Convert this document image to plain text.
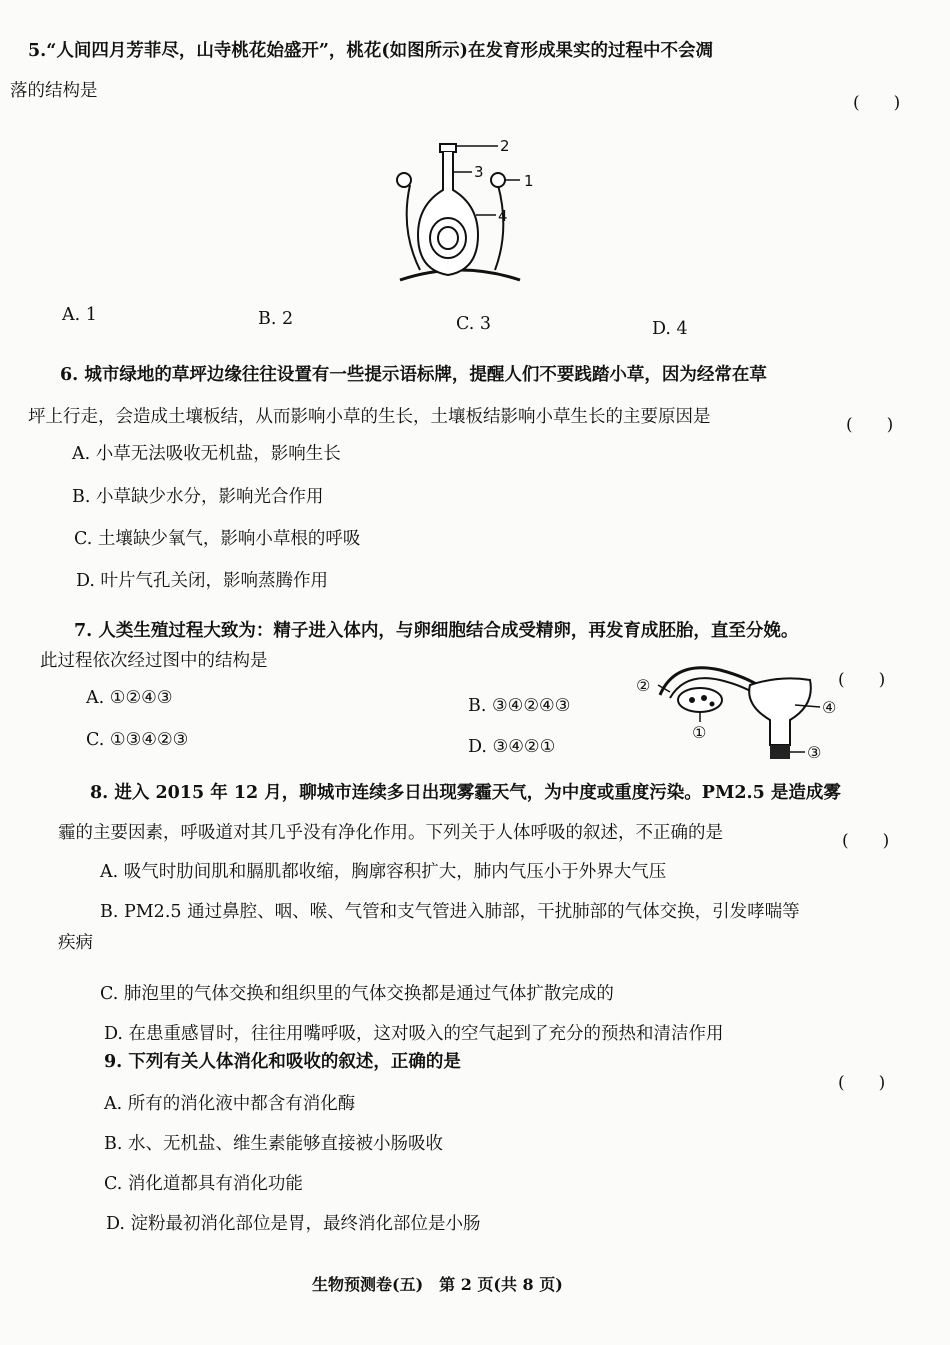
5.“人间四月芳菲尽，山寺桃花始盛开”，桃花(如图所示)在发育形成果实的过程中不会凋
落的结构是
(　　)
2
3	1
4
A. 1	B. 2	C. 3	D. 4
6. 城市绿地的草坪边缘往往设置有一些提示语标牌，提醒人们不要践踏小草，因为经常在草
坪上行走，会造成土壤板结，从而影响小草的生长，土壤板结影响小草生长的主要原因是	(　　)
A. 小草无法吸收无机盐，影响生长
B. 小草缺少水分，影响光合作用
C. 土壤缺少氧气，影响小草根的呼吸
D. 叶片气孔关闭，影响蒸腾作用
7. 人类生殖过程大致为：精子进入体内，与卵细胞结合成受精卵，再发育成胚胎，直至分娩。
此过程依次经过图中的结构是
(　　)
A. ①②④③	B. ③④②④③
C. ①③④②③	D. ③④②①
②
①
④
③
8. 进入 2015 年 12 月，聊城市连续多日出现雾霾天气，为中度或重度污染。PM2.5 是造成雾
霾的主要因素，呼吸道对其几乎没有净化作用。下列关于人体呼吸的叙述，不正确的是	(　　)
A. 吸气时肋间肌和膈肌都收缩，胸廓容积扩大，肺内气压小于外界大气压
B. PM2.5 通过鼻腔、咽、喉、气管和支气管进入肺部，干扰肺部的气体交换，引发哮喘等
疾病
C. 肺泡里的气体交换和组织里的气体交换都是通过气体扩散完成的
D. 在患重感冒时，往往用嘴呼吸，这对吸入的空气起到了充分的预热和清洁作用
9. 下列有关人体消化和吸收的叙述，正确的是
(　　)
A. 所有的消化液中都含有消化酶
B. 水、无机盐、维生素能够直接被小肠吸收
C. 消化道都具有消化功能
D. 淀粉最初消化部位是胃，最终消化部位是小肠
生物预测卷(五)　第 2 页(共 8 页)
